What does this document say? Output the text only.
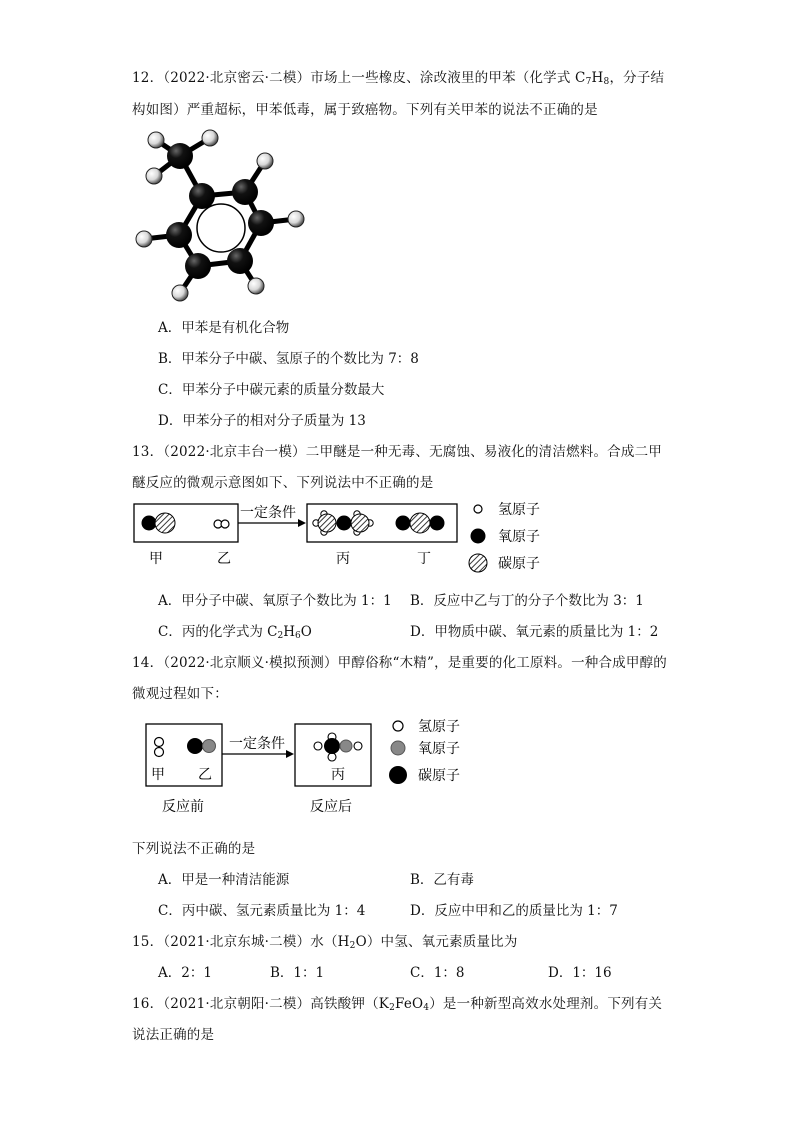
12．（2022·北京密云·二模）市场上一些橡皮、涂改液里的甲苯（化学式 $C_7H_8$，分子结
构如图）严重超标，甲苯低毒，属于致癌物。下列有关甲苯的说法不正确的是
A．甲苯是有机化合物
B．甲苯分子中碳、氢原子的个数比为 7：8
C．甲苯分子中碳元素的质量分数最大
D．甲苯分子的相对分子质量为 13
13．（2022·北京丰台一模）二甲醚是一种无毒、无腐蚀、易液化的清洁燃料。合成二甲
醚反应的微观示意图如下、下列说法中不正确的是
一定条件
甲	乙	丙	丁
氢原子
氧原子
碳原子
A．甲分子中碳、氧原子个数比为 1：1 B．反应中乙与丁的分子个数比为 3：1
C．丙的化学式为 $C_2H_6O$	D．甲物质中碳、氧元素的质量比为 1：2
14．（2022·北京顺义·模拟预测）甲醇俗称“木精”，是重要的化工原料。一种合成甲醇的
微观过程如下：
一定条件
甲 乙	丙
反应前	反应后
氢原子
氧原子
碳原子
下列说法不正确的是
A．甲是一种清洁能源	B．乙有毒
C．丙中碳、氢元素质量比为 1：4	D．反应中甲和乙的质量比为 1：7
15．（2021·北京东城·二模）水$(H_2O)$中氢、氧元素质量比为
A．2：1	B．1：1	C．1：8	D．1：16
16．（2021·北京朝阳·二模）高铁酸钾$(K_2FeO_4)$是一种新型高效水处理剂。下列有关
说法正确的是
